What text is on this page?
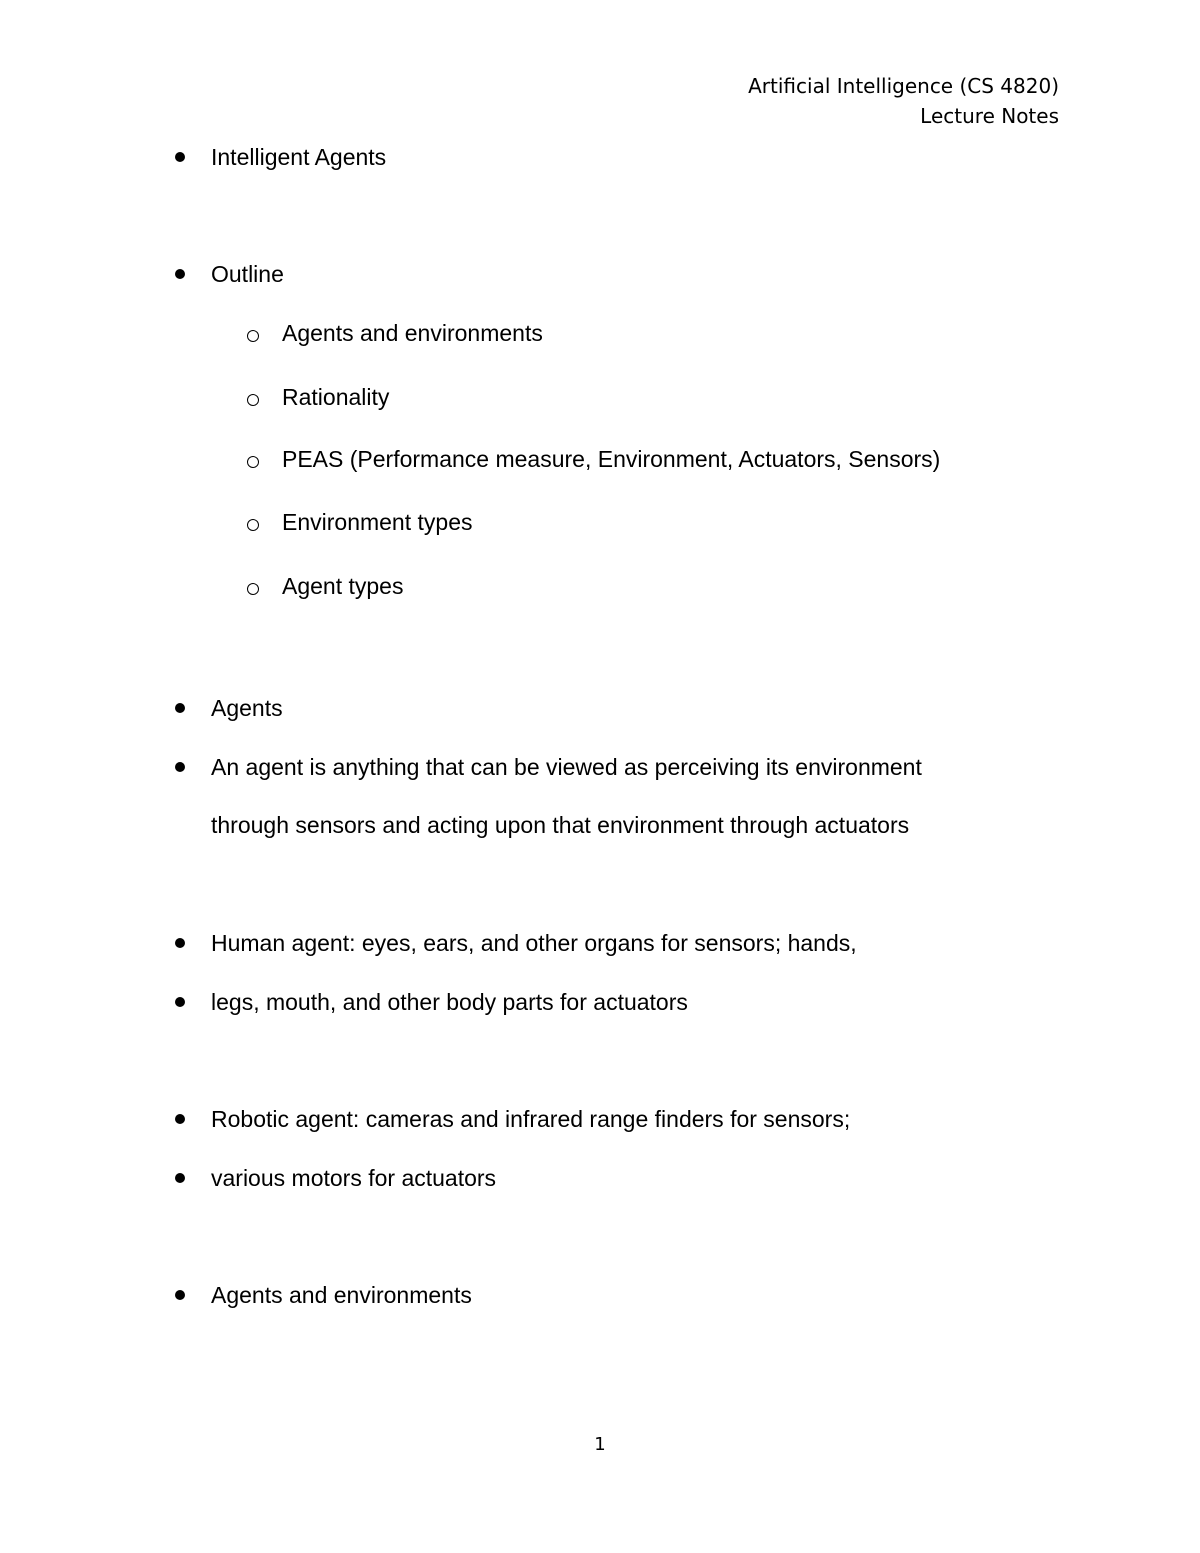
Artificial Intelligence (CS 4820)
Lecture Notes
Intelligent Agents
Outline
Agents and environments
Rationality
PEAS (Performance measure, Environment, Actuators, Sensors)
Environment types
Agent types
Agents
An agent is anything that can be viewed as perceiving its environment
through sensors and acting upon that environment through actuators
Human agent: eyes, ears, and other organs for sensors; hands,
legs, mouth, and other body parts for actuators
Robotic agent: cameras and infrared range finders for sensors;
various motors for actuators
Agents and environments
1
